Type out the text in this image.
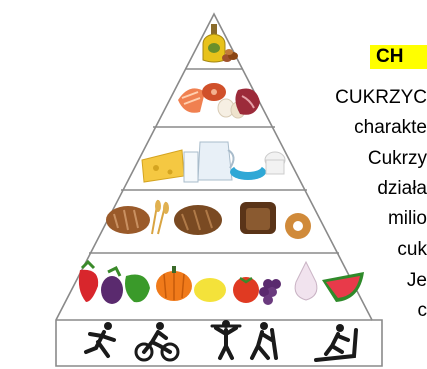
CH
CUKRZYC
charakte
Cukrzy
działa
milio
cuk
Je
c
